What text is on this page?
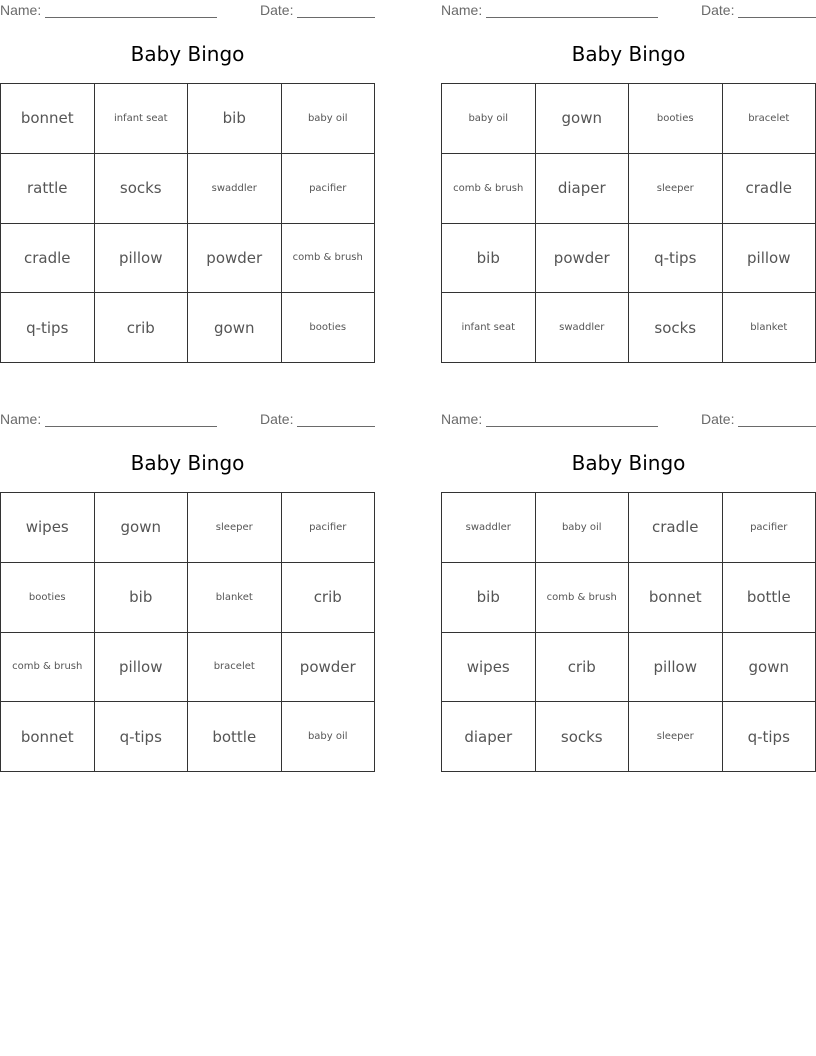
Name:	Date:
Baby Bingo
bonnet	infant seat	bib	baby oil
rattle	socks	swaddler	pacifier
cradle	pillow	powder	comb & brush
q-tips	crib	gown	booties
Name:	Date:
Baby Bingo
baby oil	gown	booties	bracelet
comb & brush	diaper	sleeper	cradle
bib	powder	q-tips	pillow
infant seat	swaddler	socks	blanket
Name:	Date:
Baby Bingo
wipes	gown	sleeper	pacifier
booties	bib	blanket	crib
comb & brush	pillow	bracelet	powder
bonnet	q-tips	bottle	baby oil
Name:	Date:
Baby Bingo
swaddler	baby oil	cradle	pacifier
bib	comb & brush	bonnet	bottle
wipes	crib	pillow	gown
diaper	socks	sleeper	q-tips
